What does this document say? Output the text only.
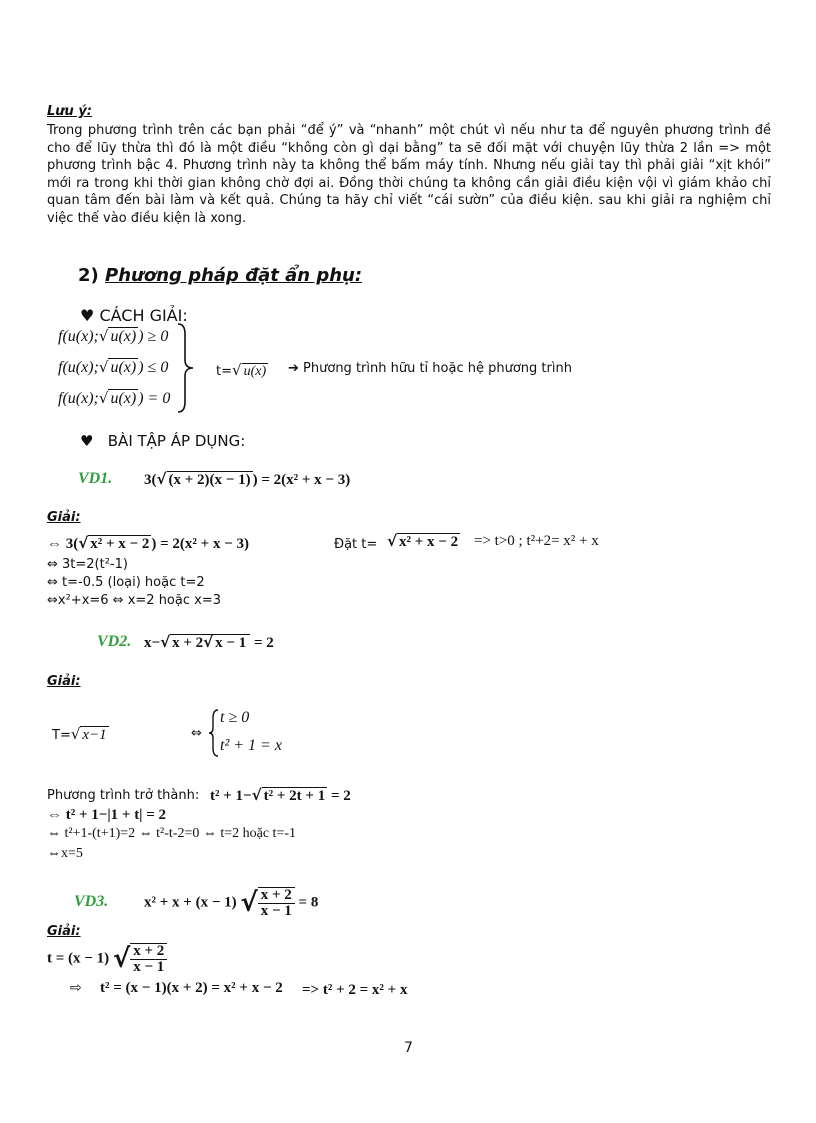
Lưu ý:
Trong phương trình trên các bạn phải “để ý” và “nhanh” một chút vì nếu như ta để nguyên phương trình đề cho để lũy thừa thì đó là một điều “không còn gì dại bằng” ta sẽ đối mặt với chuyện lũy thừa 2 lần => một phương trình bậc 4. Phương trình này ta không thể bấm máy tính. Nhưng nếu giải tay thì phải giải “xịt khói” mới ra trong khi thời gian không chờ đợi ai. Đồng thời chúng ta không cần giải điều kiện vội vì giám khảo chỉ quan tâm đến bài làm và kết quả. Chúng ta hãy chỉ viết “cái sườn” của điều kiện. sau khi giải ra nghiệm chỉ việc thế vào điều kiện là xong.
2) Phương pháp đặt ẩn phụ:
♥ CÁCH GIẢI:
f(u(x);√ u(x) ) ≥ 0
f(u(x);√ u(x) ) ≤ 0
f(u(x);√ u(x) ) = 0
t=√ u(x) ➔ Phương trình hữu tỉ hoặc hệ phương trình
♥ BÀI TẬP ÁP DỤNG:
VD1. 3(√ (x + 2)(x − 1) ) = 2(x² + x − 3)
Giải:
⇔ 3(√ x² + x − 2 ) = 2(x² + x − 3)	Đặt t= √ x² + x − 2 => t>0 ; t²+2= x² + x
⇔ 3t=2(t²-1)
⇔ t=-0.5 (loại) hoặc t=2
⇔x²+x=6 ⇔ x=2 hoặc x=3
VD2. x−√ x + 2√ x − 1 = 2
Giải:
T=√ x−1	⇔
t ≥ 0
t² + 1 = x
Phương trình trở thành: t² + 1−√ t² + 2t + 1 = 2
⇔ t² + 1−|1 + t| = 2
⇔ t²+1-(t+1)=2 ⇔ t²-t-2=0 ⇔ t=2 hoặc t=-1
⇔x=5
VD3. x² + x + (x − 1) √ $\frac{x + 2}{x - 1} = 8$
Giải:
t = (x − 1) √ $\frac{x + 2}{x - 1}$
⇨ t² = (x − 1)(x + 2) = x² + x − 2 => t² + 2 = x² + x
7
